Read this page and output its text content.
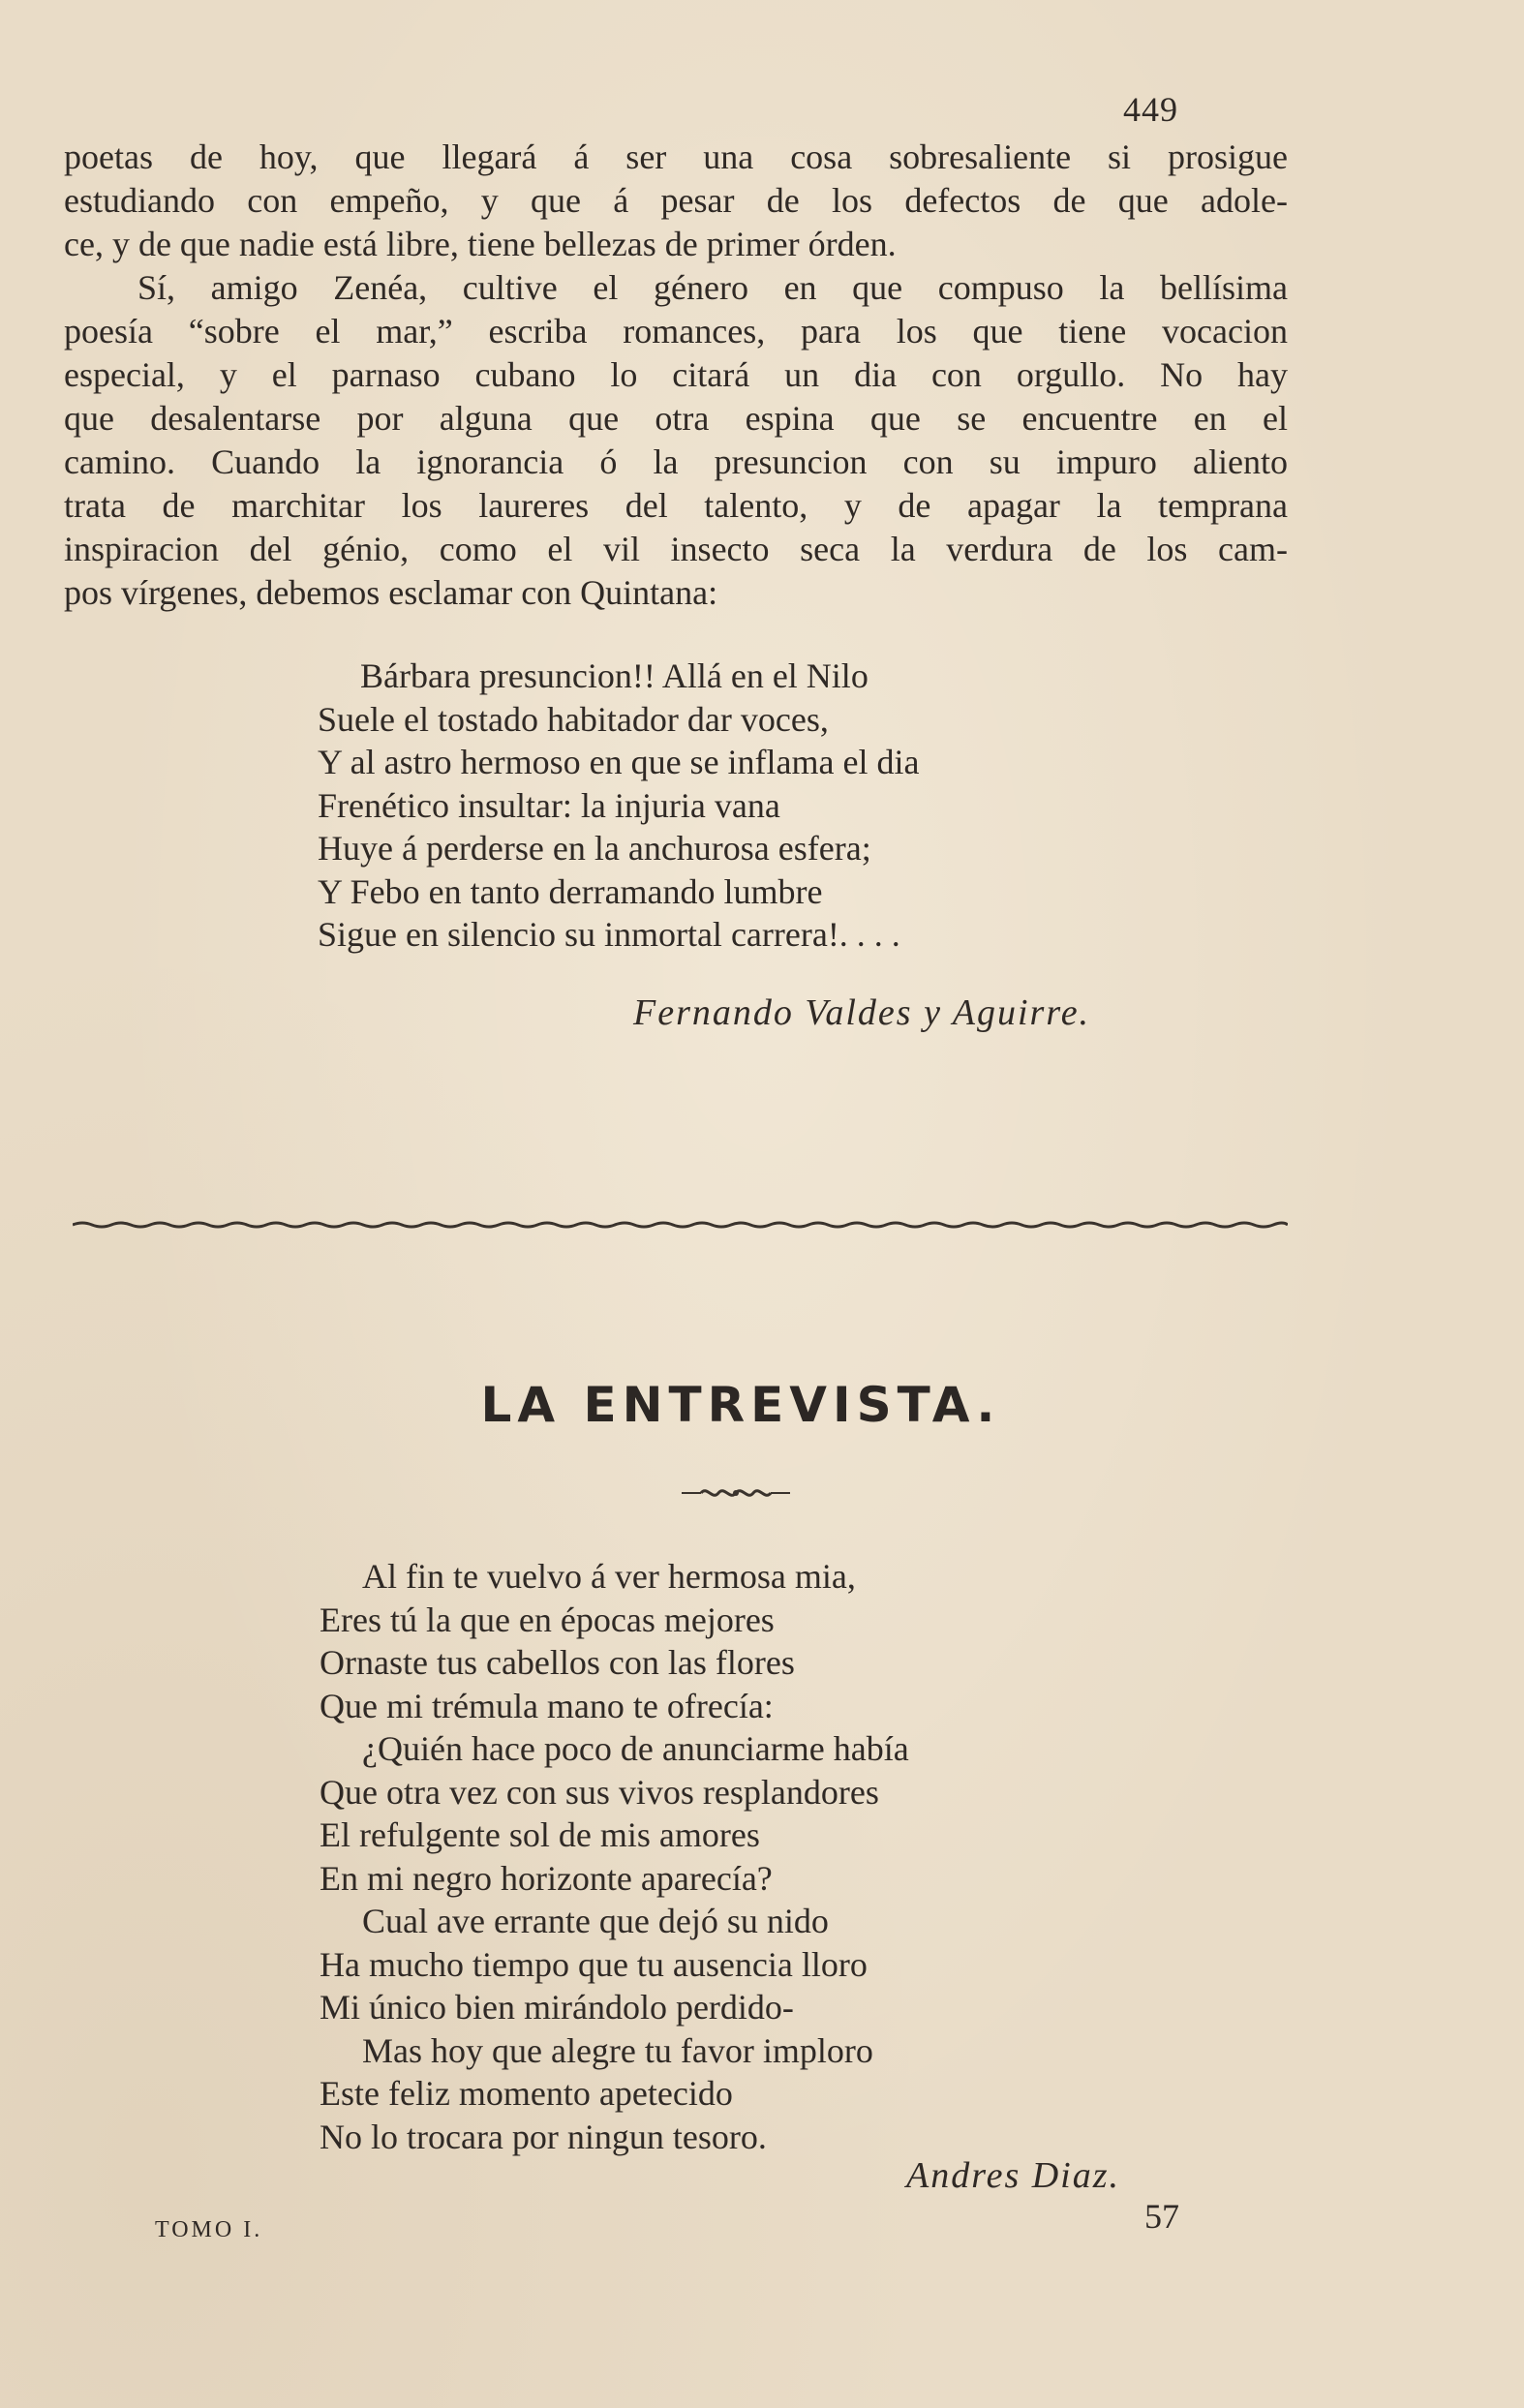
449
poetas de hoy, que llegará á ser una cosa sobresaliente si prosigue
estudiando con empeño, y que á pesar de los defectos de que adole-
ce, y de que nadie está libre, tiene bellezas de primer órden.
Sí, amigo Zenéa, cultive el género en que compuso la bellísima
poesía “sobre el mar,” escriba romances, para los que tiene vocacion
especial, y el parnaso cubano lo citará un dia con orgullo. No hay
que desalentarse por alguna que otra espina que se encuentre en el
camino. Cuando la ignorancia ó la presuncion con su impuro aliento
trata de marchitar los laureres del talento, y de apagar la temprana
inspiracion del génio, como el vil insecto seca la verdura de los cam-
pos vírgenes, debemos esclamar con Quintana:
Bárbara presuncion!! Allá en el Nilo
Suele el tostado habitador dar voces,
Y al astro hermoso en que se inflama el dia
Frenético insultar: la injuria vana
Huye á perderse en la anchurosa esfera;
Y Febo en tanto derramando lumbre
Sigue en silencio su inmortal carrera!. . . .
Fernando Valdes y Aguirre.
LA ENTREVISTA.
Al fin te vuelvo á ver hermosa mia,
Eres tú la que en épocas mejores
Ornaste tus cabellos con las flores
Que mi trémula mano te ofrecía:
¿Quién hace poco de anunciarme había
Que otra vez con sus vivos resplandores
El refulgente sol de mis amores
En mi negro horizonte aparecía?
Cual ave errante que dejó su nido
Ha mucho tiempo que tu ausencia lloro
Mi único bien mirándolo perdido-
Mas hoy que alegre tu favor imploro
Este feliz momento apetecido
No lo trocara por ningun tesoro.
Andres Diaz.
TOMO I.	57
